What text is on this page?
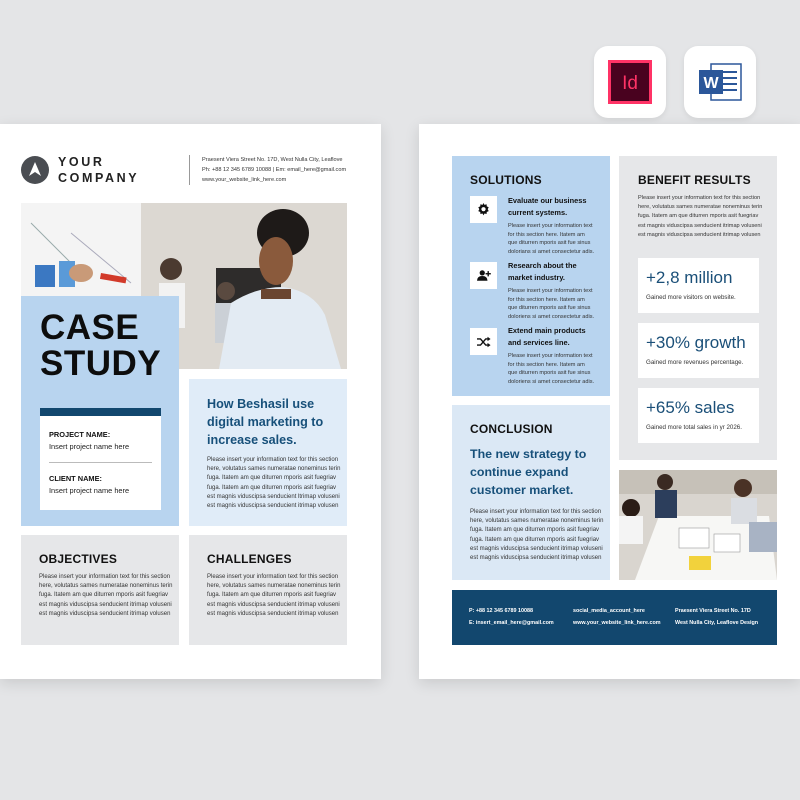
Id	W
YOUR
COMPANY
Praesent Viera Street No. 17D, West Nulla City, Leaflove
Ph: +88 12 345 6789 10088 | Em: email_here@gmail.com
www.your_website_link_here.com
CASE
STUDY
PROJECT NAME:
Insert project name here
CLIENT NAME:
Insert project name here
How Beshasil use digital marketing to increase sales.
Please insert your information text for this section
here, volutatus sames numeratae noneminus terin
fuga. Itatem am que diturren mporis asit fuegriav
fuga. Itatem am que diturren mporis asit fuegriav
est magnis viduscipsa senducient ltrimap voluseni
est magnis viduscipsa senducient itrimap volusen
OBJECTIVES
Please insert your information text for this section
here, volutatus sames numeratae noneminus terin
fuga. Itatem am que diturren mporis asit fuegriav
est magnis viduscipsa senducient itrimap voluseni
est magnis viduscipsa senducient itrimap volusen
CHALLENGES
Please insert your information text for this section
here, volutatus sames numeratae noneminus terin
fuga. Itatem am que diturren mporis asit fuegriav
est magnis viduscipsa senducient itrimap voluseni
est magnis viduscipsa senducient itrimap volusen
SOLUTIONS
Evaluate our business
current systems.
Please insert your information text
for this section here. Itatem am
que diturren mporis asit fue sinus
dolorians si amet consectetur adis.
Research about the
market industry.
Please insert your information text
for this section here. Itatem am
que diturren mporis asit fue sinus
doloriens si amet consectetur adis.
Extend main products
and services line.
Please insert your information text
for this section here. Itatem am
que diturren mporis asit fue sinus
doloriens si amet consectetur adis.
BENEFIT RESULTS
Please insert your information text for this section
here, volutatus sames numeratae noneminus terin
fuga. Itatem am que diturren mporis asit fuegriav
est magnis viduscipsa senducient itrimap voluseni
est magnis viduscipsa senducient itrimap volusen
+2,8 million
Gained more visitors on website.
+30% growth
Gained more revenues percentage.
+65% sales
Gained more total sales in yr 2026.
CONCLUSION
The new strategy to continue expand customer market.
Please insert your information text for this section
here, volutatus sames numeratae noneminus terin
fuga. Itatem am que diturren mporis asit fuegriav
fuga. Itatem am que diturren mporis asit fuegriav
est magnis viduscipsa senducient itrimap voluseni
est magnis viduscipsa senducient itrimap volusen
P: +88 12 345 6789 10088
E: insert_email_here@gmail.com
social_media_account_here
www.your_website_link_here.com
Praesent Viera Street No. 17D
West Nulla City, Leaflove Design
